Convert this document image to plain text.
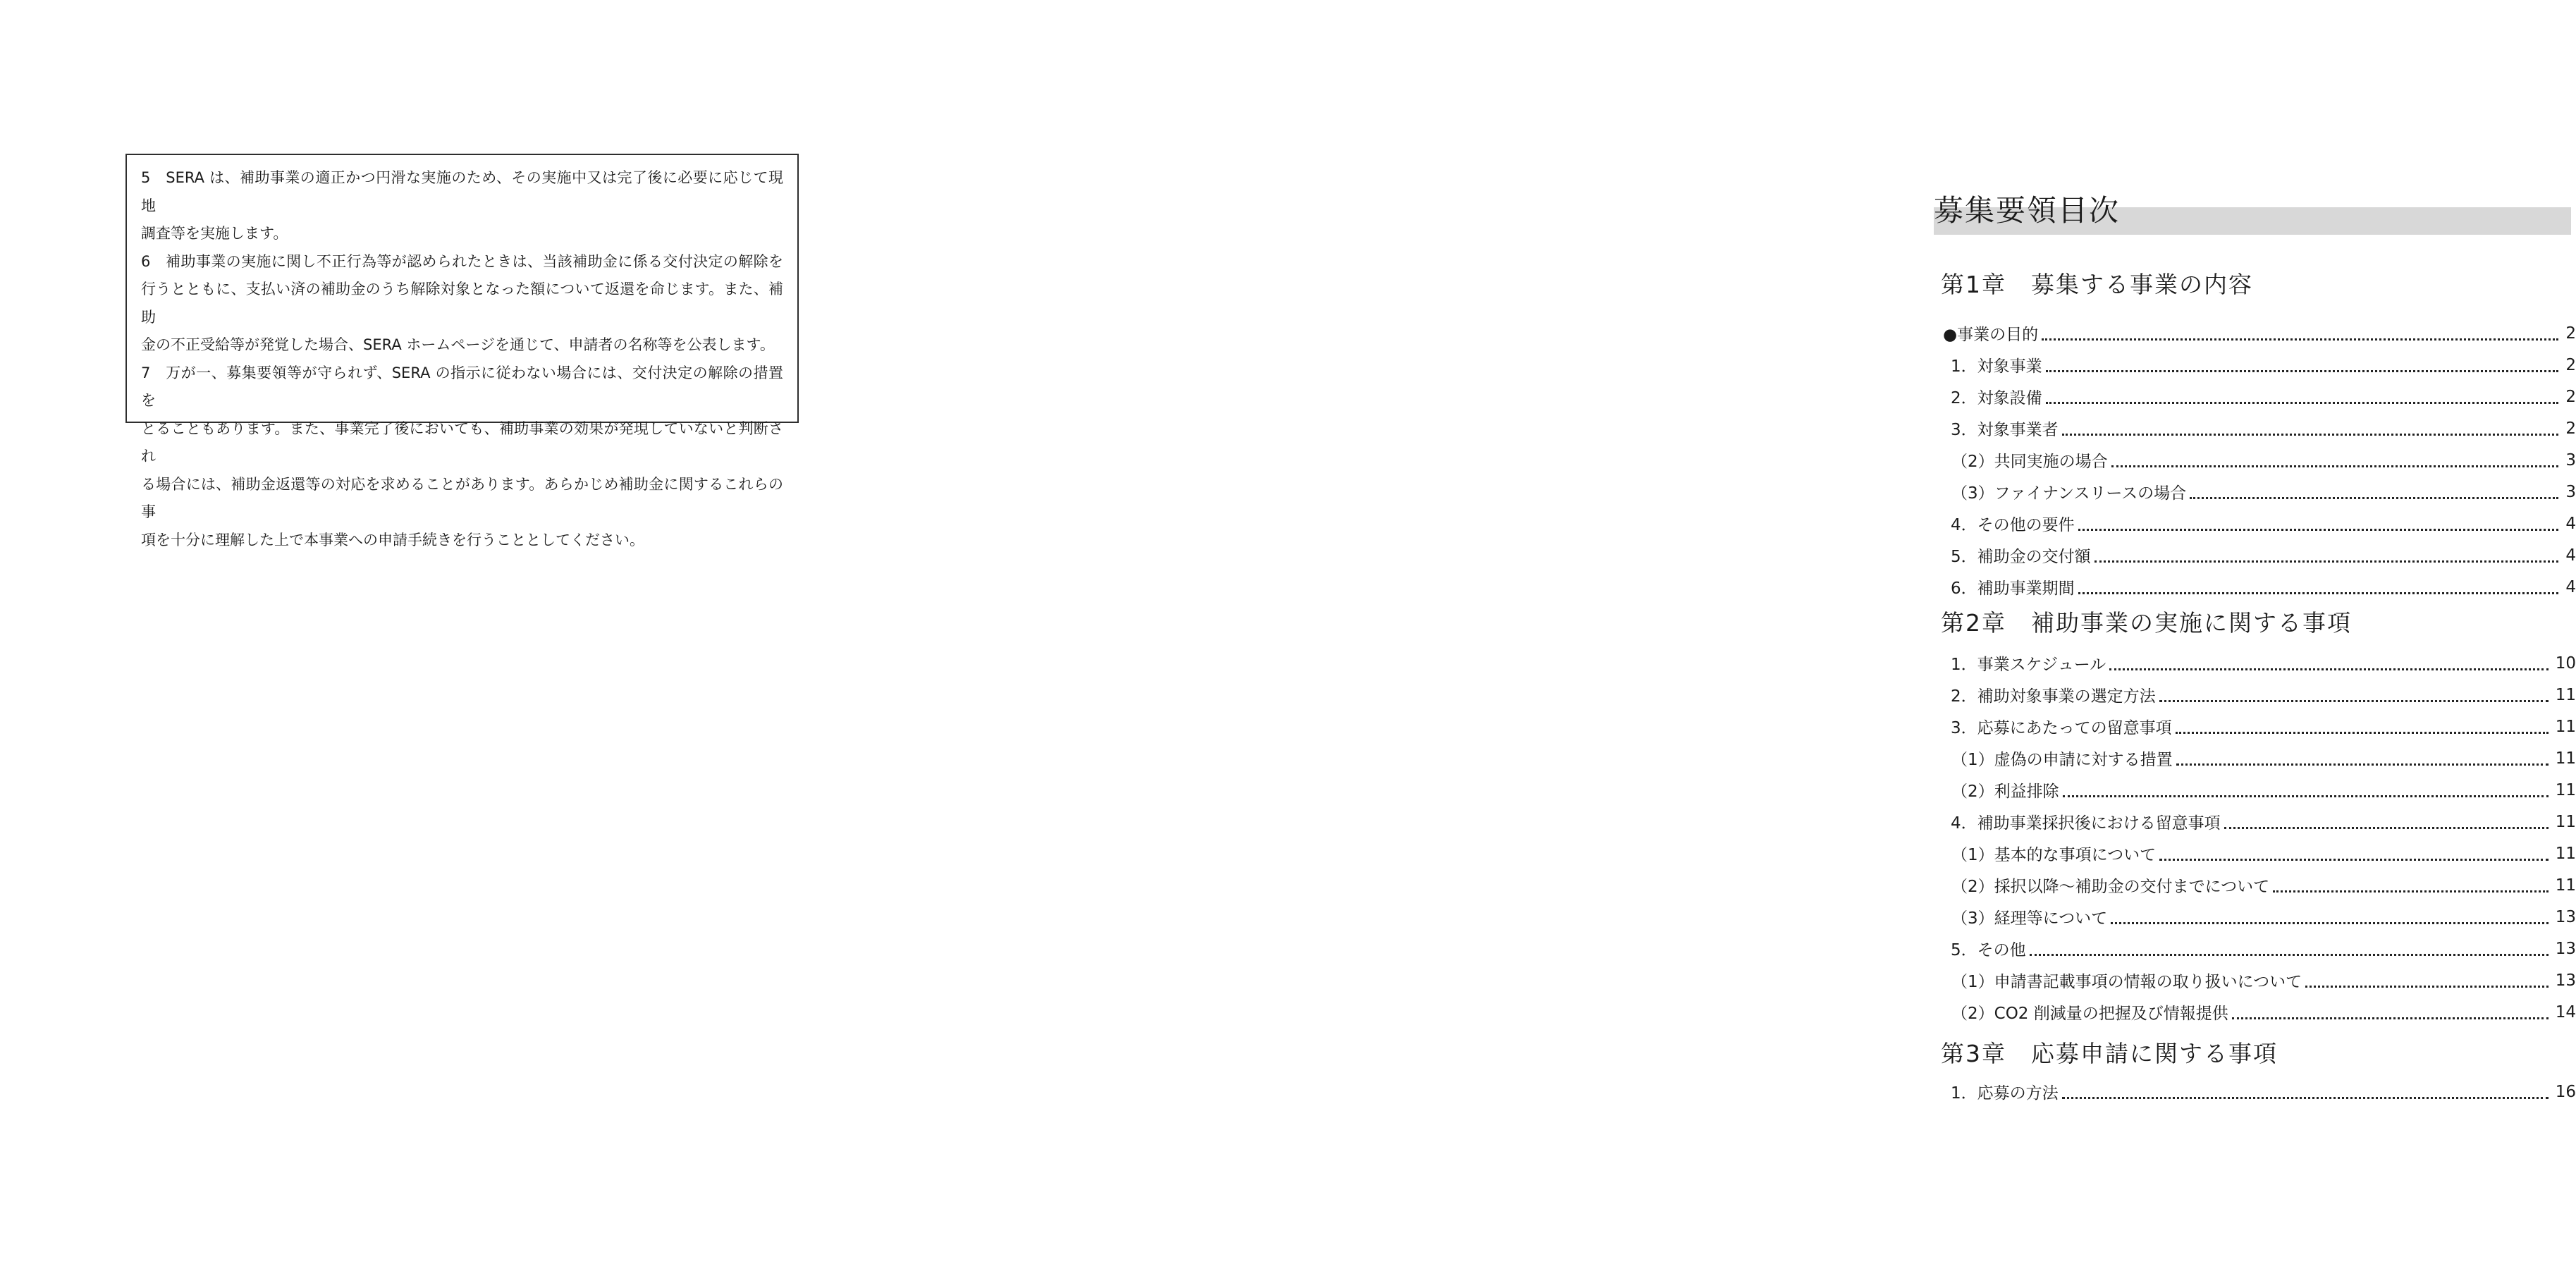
5　SERA は、補助事業の適正かつ円滑な実施のため、その実施中又は完了後に必要に応じて現地
調査等を実施します。
6　補助事業の実施に関し不正行為等が認められたときは、当該補助金に係る交付決定の解除を
行うとともに、支払い済の補助金のうち解除対象となった額について返還を命じます。また、補助
金の不正受給等が発覚した場合、SERA ホームページを通じて、申請者の名称等を公表します。
7　万が一、募集要領等が守られず、SERA の指示に従わない場合には、交付決定の解除の措置を
とることもあります。また、事業完了後においても、補助事業の効果が発現していないと判断され
る場合には、補助金返還等の対応を求めることがあります。あらかじめ補助金に関するこれらの事
項を十分に理解した上で本事業への申請手続きを行うこととしてください。
募集要領目次
第1章　募集する事業の内容
●事業の目的	2
1．対象事業	2
2．対象設備	2
3．対象事業者	2
（2）共同実施の場合	3
（3）ファイナンスリースの場合	3
4．その他の要件	4
5．補助金の交付額	4
6．補助事業期間	4
第2章　補助事業の実施に関する事項
1．事業スケジュール	10
2．補助対象事業の選定方法	11
3．応募にあたっての留意事項	11
（1）虚偽の申請に対する措置	11
（2）利益排除	11
4．補助事業採択後における留意事項	11
（1）基本的な事項について	11
（2）採択以降～補助金の交付までについて	11
（3）経理等について	13
5．その他	13
（1）申請書記載事項の情報の取り扱いについて	13
（2）CO2 削減量の把握及び情報提供	14
第3章　応募申請に関する事項
1．応募の方法	16
